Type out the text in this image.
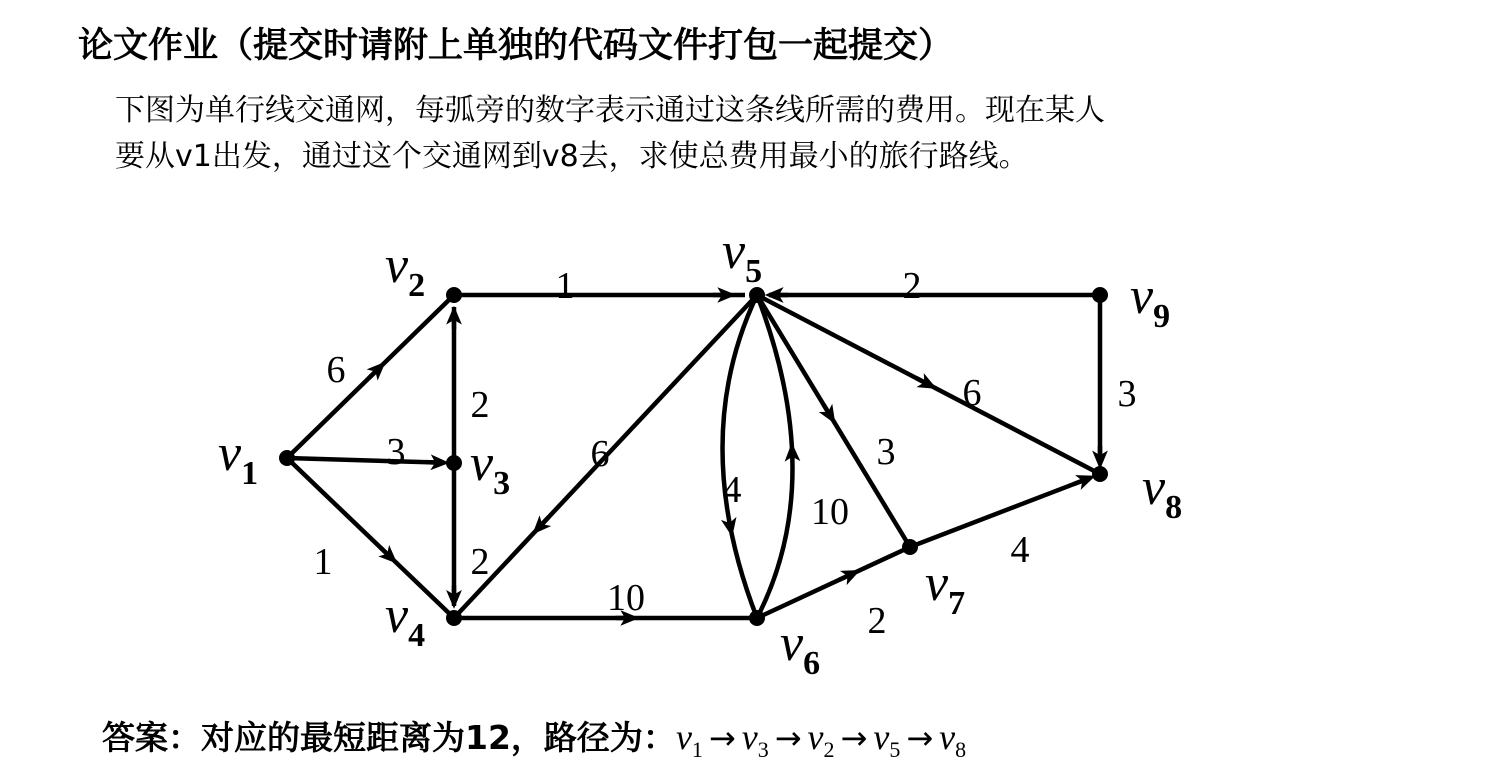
论文作业（提交时请附上单独的代码文件打包一起提交）
下图为单行线交通网，每弧旁的数字表示通过这条线所需的费用。现在某人
要从v1出发，通过这个交通网到v8去，求使总费用最小的旅行路线。
6
3
1
1
2
2
6
10
4
10
3
6
2
3
2
4
v1
v2
v3
v4
v5
v6
v7
v8
v9
答案：对应的最短距离为12，路径为：$v_1 \to v_3 \to v_2 \to v_5 \to v_8$
